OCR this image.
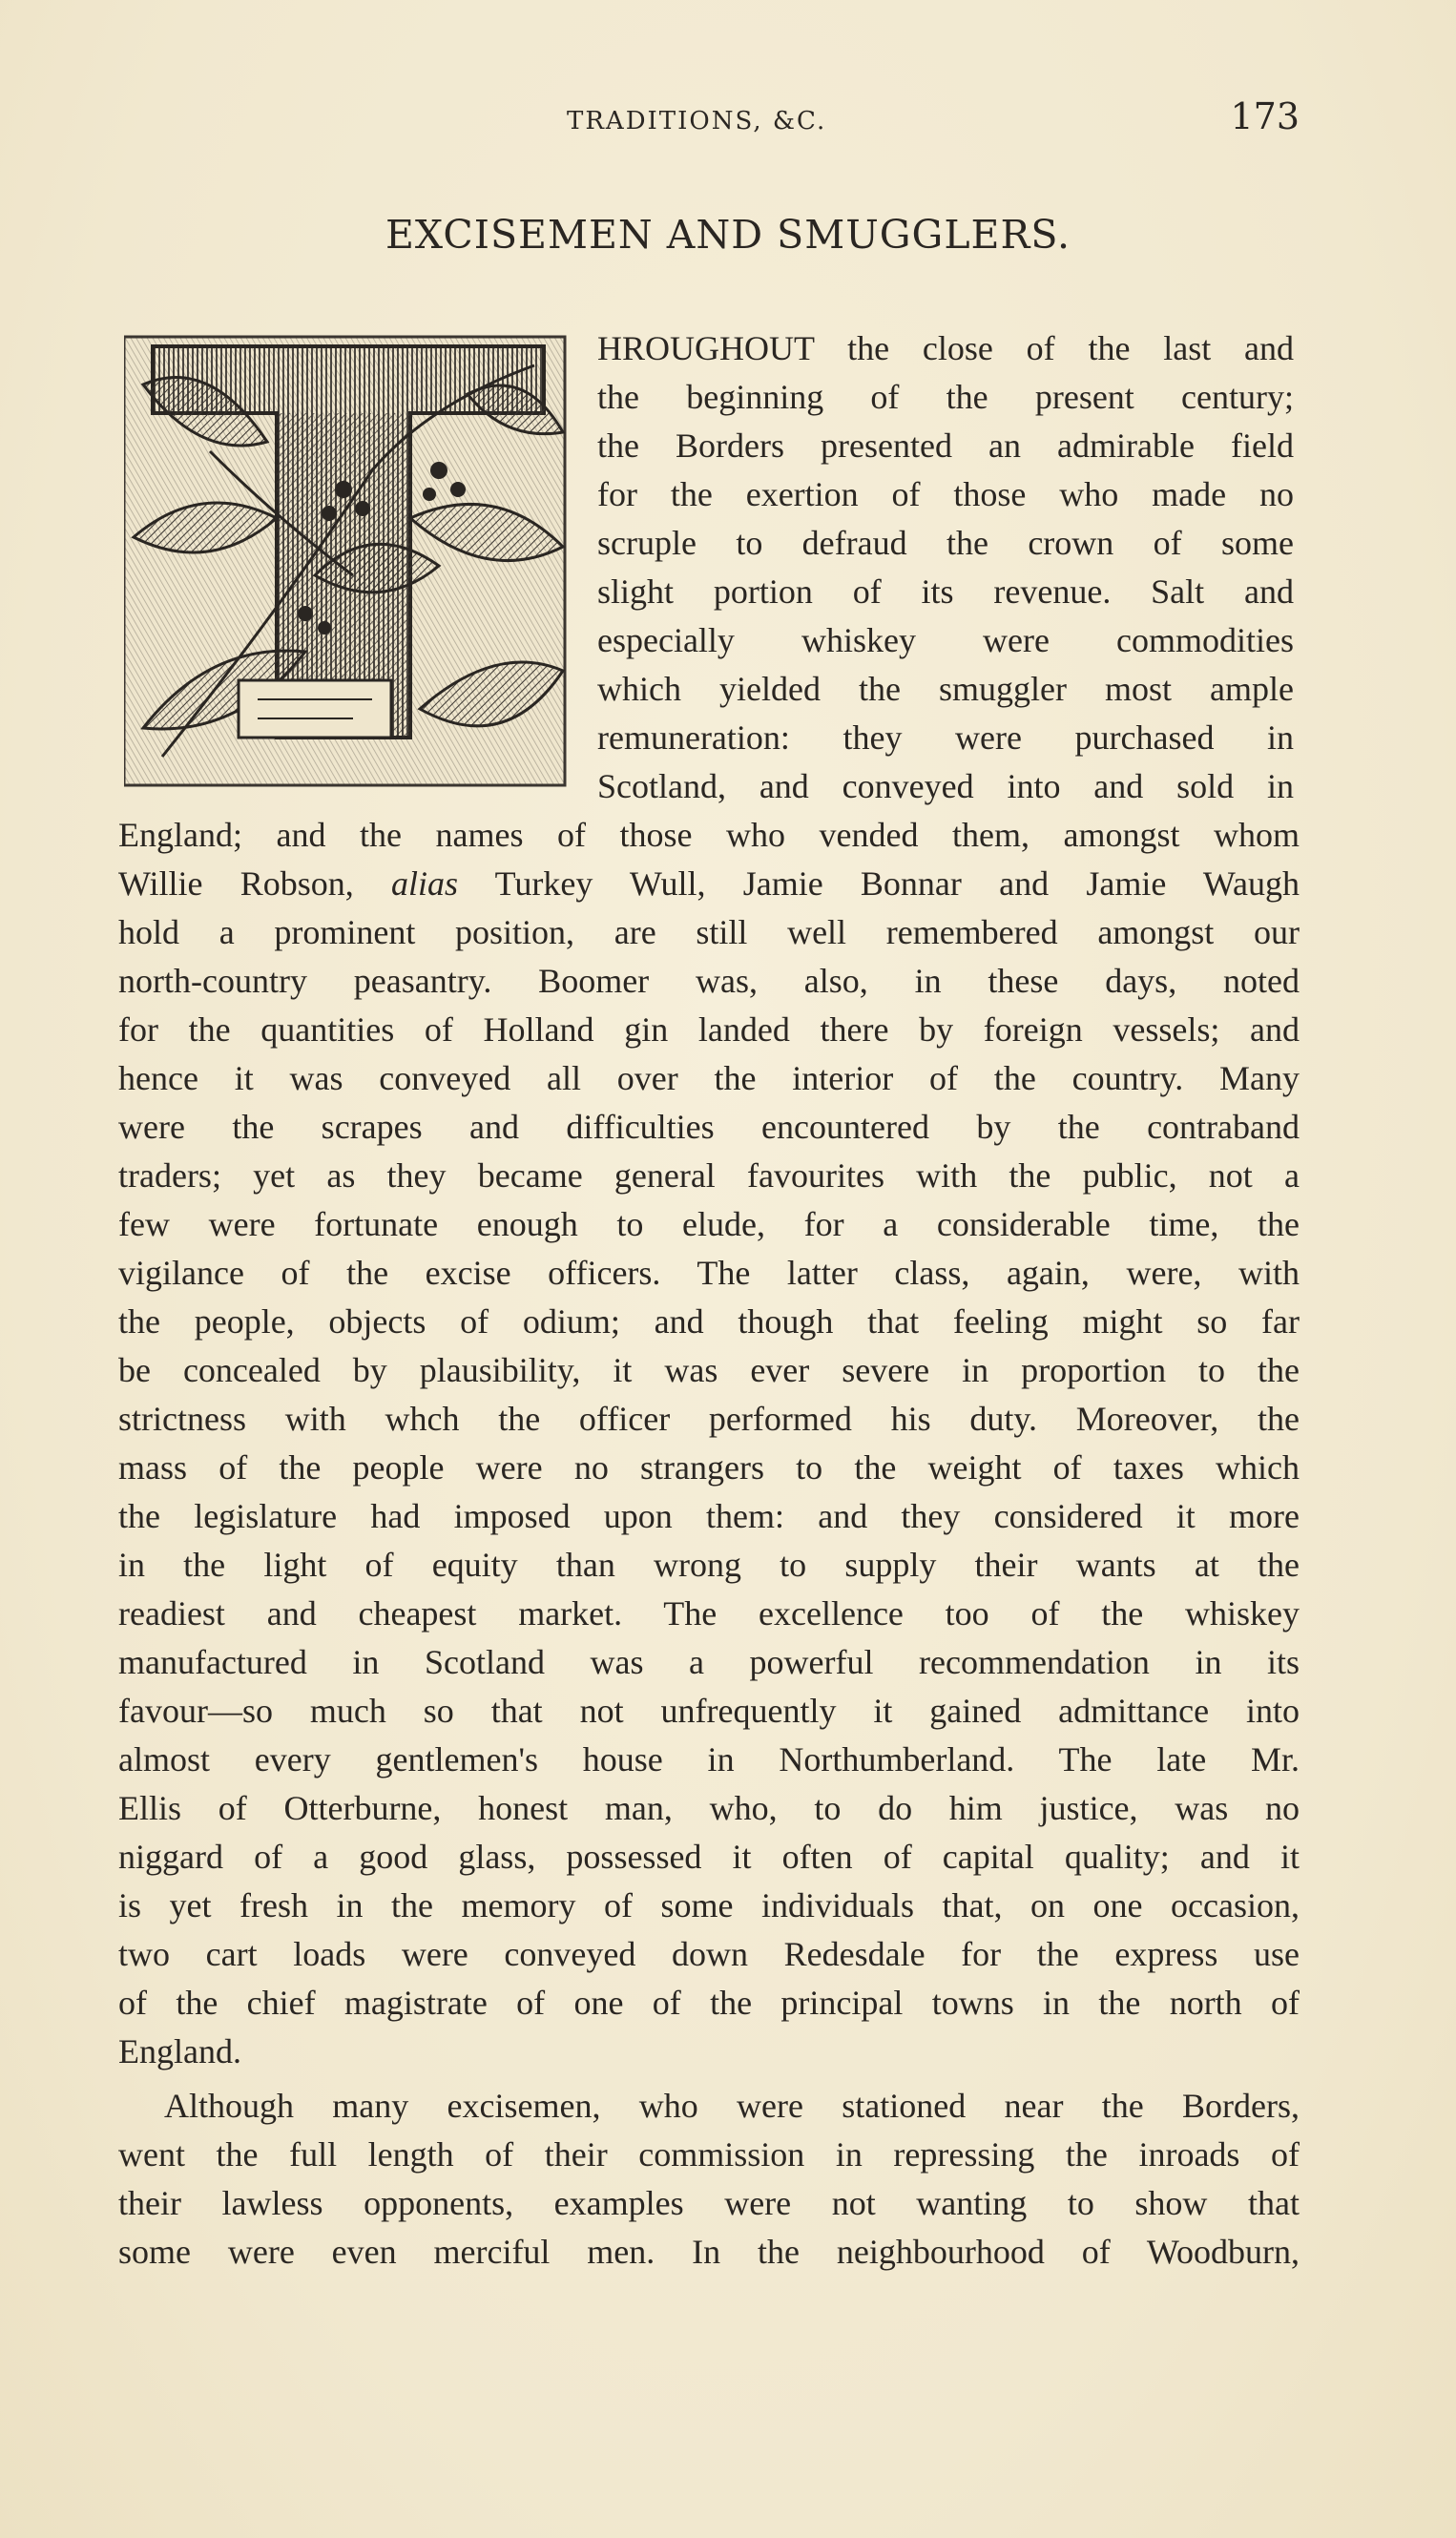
TRADITIONS, &C.	173
EXCISEMEN AND SMUGGLERS.
HROUGHOUT the close of the last and
the beginning of the present century;
the Borders presented an admirable field
for the exertion of those who made no
scruple to defraud the crown of some
slight portion of its revenue. Salt and
especially whiskey were commodities
which yielded the smuggler most ample
remuneration: they were purchased in
Scotland, and conveyed into and sold in
England; and the names of those who vended them, amongst whom
Willie Robson, alias Turkey Wull, Jamie Bonnar and Jamie Waugh
hold a prominent position, are still well remembered amongst our
north-country peasantry. Boomer was, also, in these days, noted
for the quantities of Holland gin landed there by foreign vessels; and
hence it was conveyed all over the interior of the country. Many
were the scrapes and difficulties encountered by the contraband
traders; yet as they became general favourites with the public, not a
few were fortunate enough to elude, for a considerable time, the
vigilance of the excise officers. The latter class, again, were, with
the people, objects of odium; and though that feeling might so far
be concealed by plausibility, it was ever severe in proportion to the
strictness with whch the officer performed his duty. Moreover, the
mass of the people were no strangers to the weight of taxes which
the legislature had imposed upon them: and they considered it more
in the light of equity than wrong to supply their wants at the
readiest and cheapest market. The excellence too of the whiskey
manufactured in Scotland was a powerful recommendation in its
favour—so much so that not unfrequently it gained admittance into
almost every gentlemen's house in Northumberland. The late Mr.
Ellis of Otterburne, honest man, who, to do him justice, was no
niggard of a good glass, possessed it often of capital quality; and it
is yet fresh in the memory of some individuals that, on one occasion,
two cart loads were conveyed down Redesdale for the express use
of the chief magistrate of one of the principal towns in the north of
England.
Although many excisemen, who were stationed near the Borders,
went the full length of their commission in repressing the inroads of
their lawless opponents, examples were not wanting to show that
some were even merciful men. In the neighbourhood of Woodburn,
